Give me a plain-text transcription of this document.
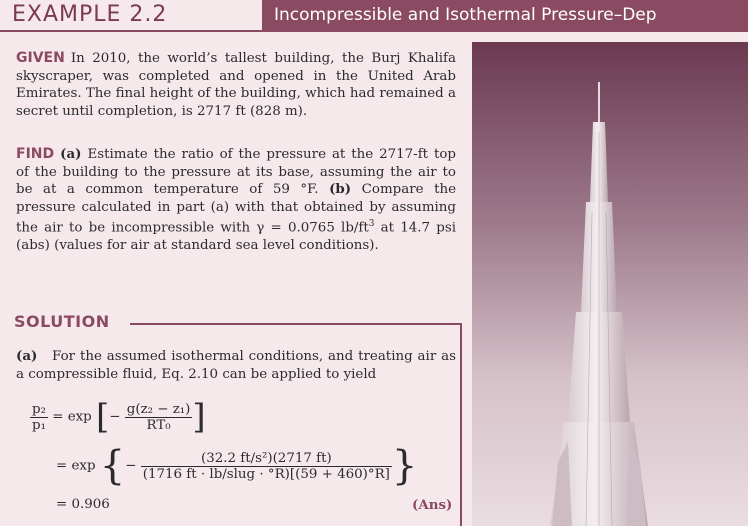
EXAMPLE 2.2	Incompressible and Isothermal Pressure–Dep
GIVEN In 2010, the world’s tallest building, the Burj Khalifa skyscraper, was completed and opened in the United Arab Emirates. The final height of the building, which had remained a secret until completion, is 2717 ft (828 m).
FIND (a) Estimate the ratio of the pressure at the 2717-ft top of the building to the pressure at its base, assuming the air to be at a common temperature of 59 °F. (b) Compare the pressure calculated in part (a) with that obtained by assuming the air to be incompressible with γ = 0.0765 $lb/ft^3$ at 14.7 psi (abs) (values for air at standard sea level conditions).
SOLUTION
(a) For the assumed isothermal conditions, and treating air as a compressible fluid, Eq. 2.10 can be applied to yield
$\frac{\text{p₂}}{\text{p₁}} = \exp$ [− $\frac{\text{g(z₂ − z₁)}}{\text{RT₀}}$ ]
= exp {− $\frac{\text{(32.2 ft/s²)(2717 ft)}}{\text{(1716 ft · lb/slug · °R)[(59 + 460)°R]}}$ }
= 0.906	(Ans)
